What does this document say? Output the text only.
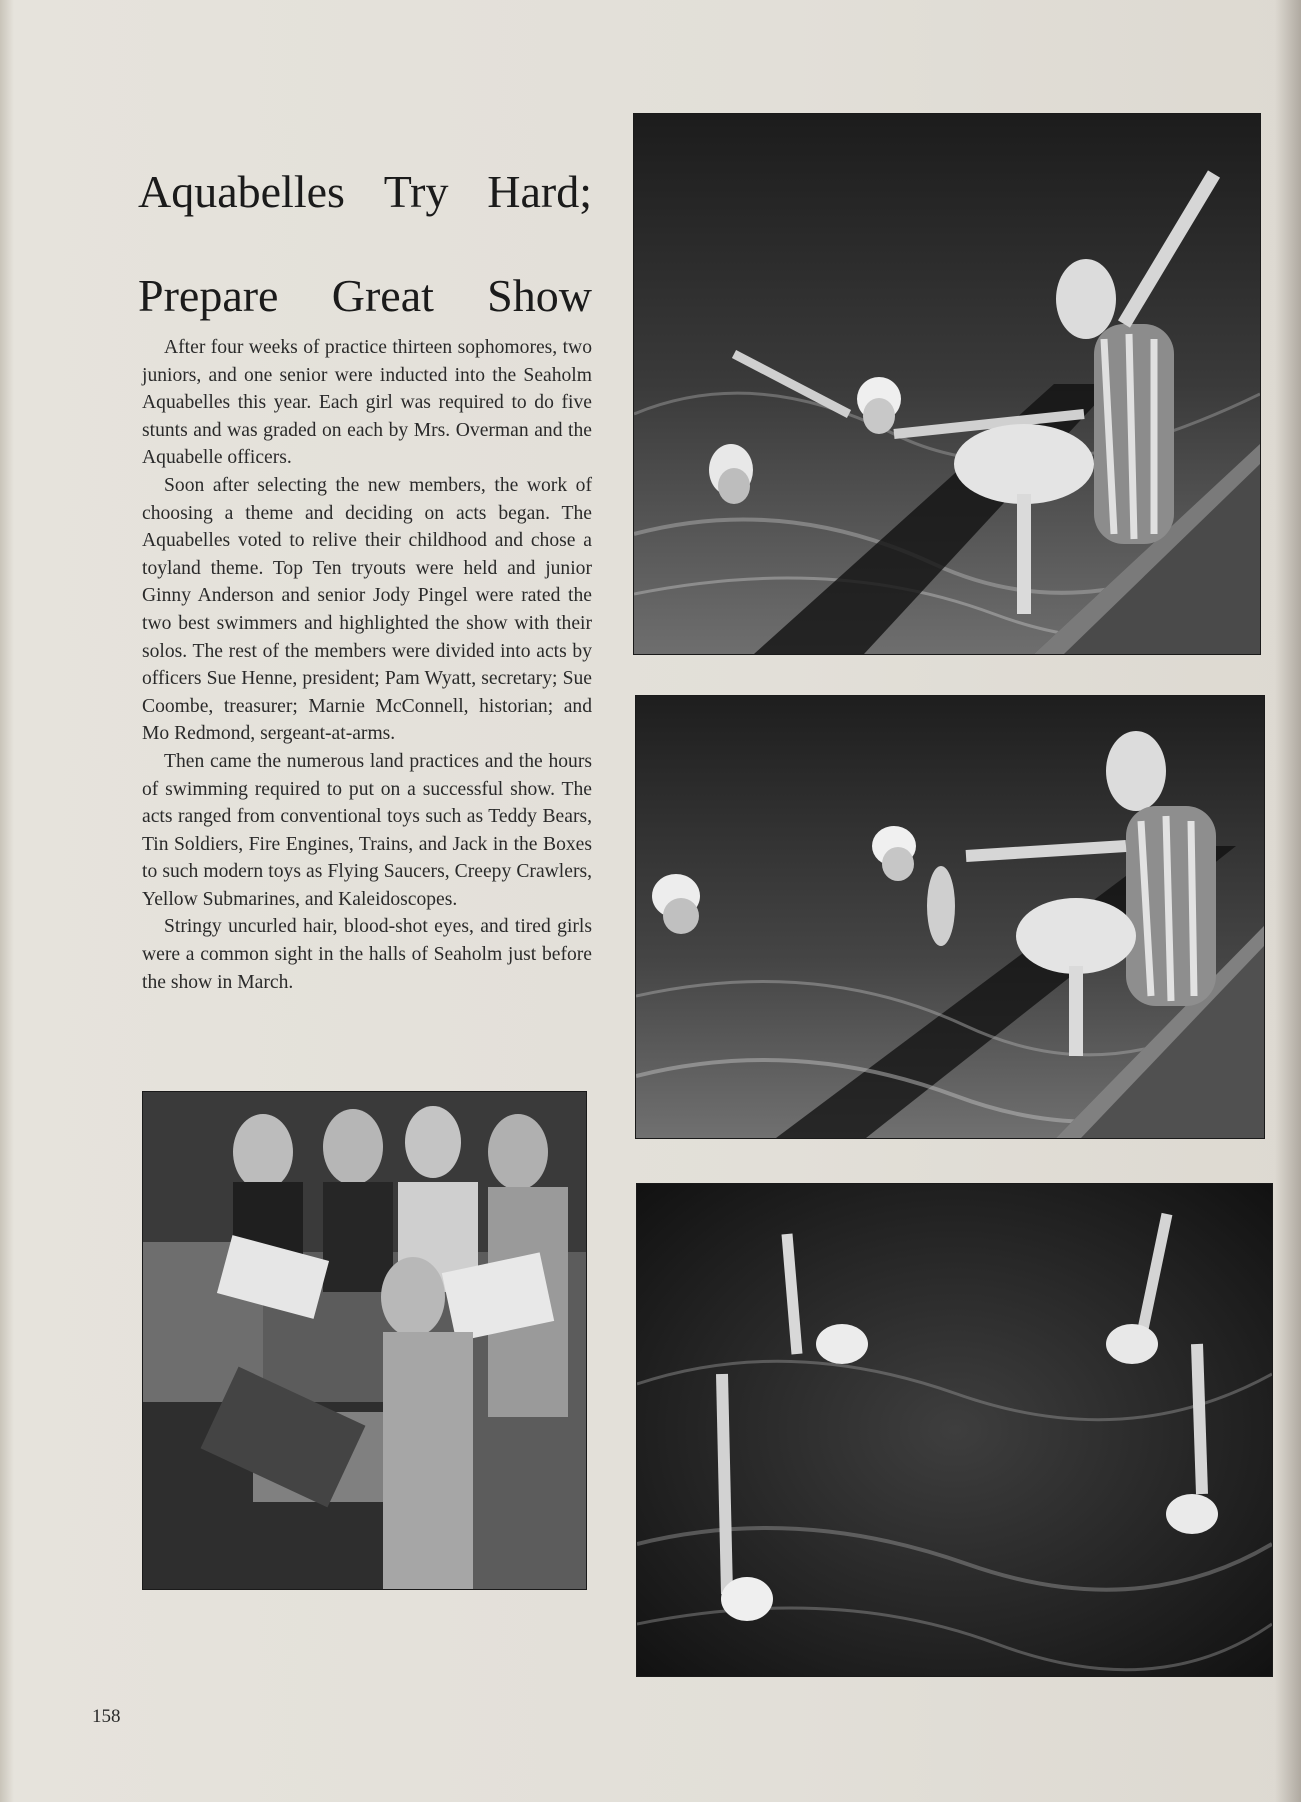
Aquabelles Try Hard;
Prepare Great Show

After four weeks of practice thirteen sophomores, two juniors, and one senior were inducted into the Seaholm Aquabelles this year. Each girl was required to do five stunts and was graded on each by Mrs. Overman and the Aquabelle officers.

Soon after selecting the new members, the work of choosing a theme and deciding on acts began. The Aquabelles voted to relive their childhood and chose a toyland theme. Top Ten tryouts were held and junior Ginny Anderson and senior Jody Pingel were rated the two best swimmers and highlighted the show with their solos. The rest of the members were divided into acts by officers Sue Henne, president; Pam Wyatt, secretary; Sue Coombe, treasurer; Marnie McConnell, historian; and Mo Redmond, sergeant-at-arms.

Then came the numerous land practices and the hours of swimming required to put on a successful show. The acts ranged from conventional toys such as Teddy Bears, Tin Soldiers, Fire Engines, Trains, and Jack in the Boxes to such modern toys as Flying Saucers, Creepy Crawlers, Yellow Submarines, and Kaleidoscopes.

Stringy uncurled hair, blood-shot eyes, and tired girls were a common sight in the halls of Seaholm just before the show in March.

158
